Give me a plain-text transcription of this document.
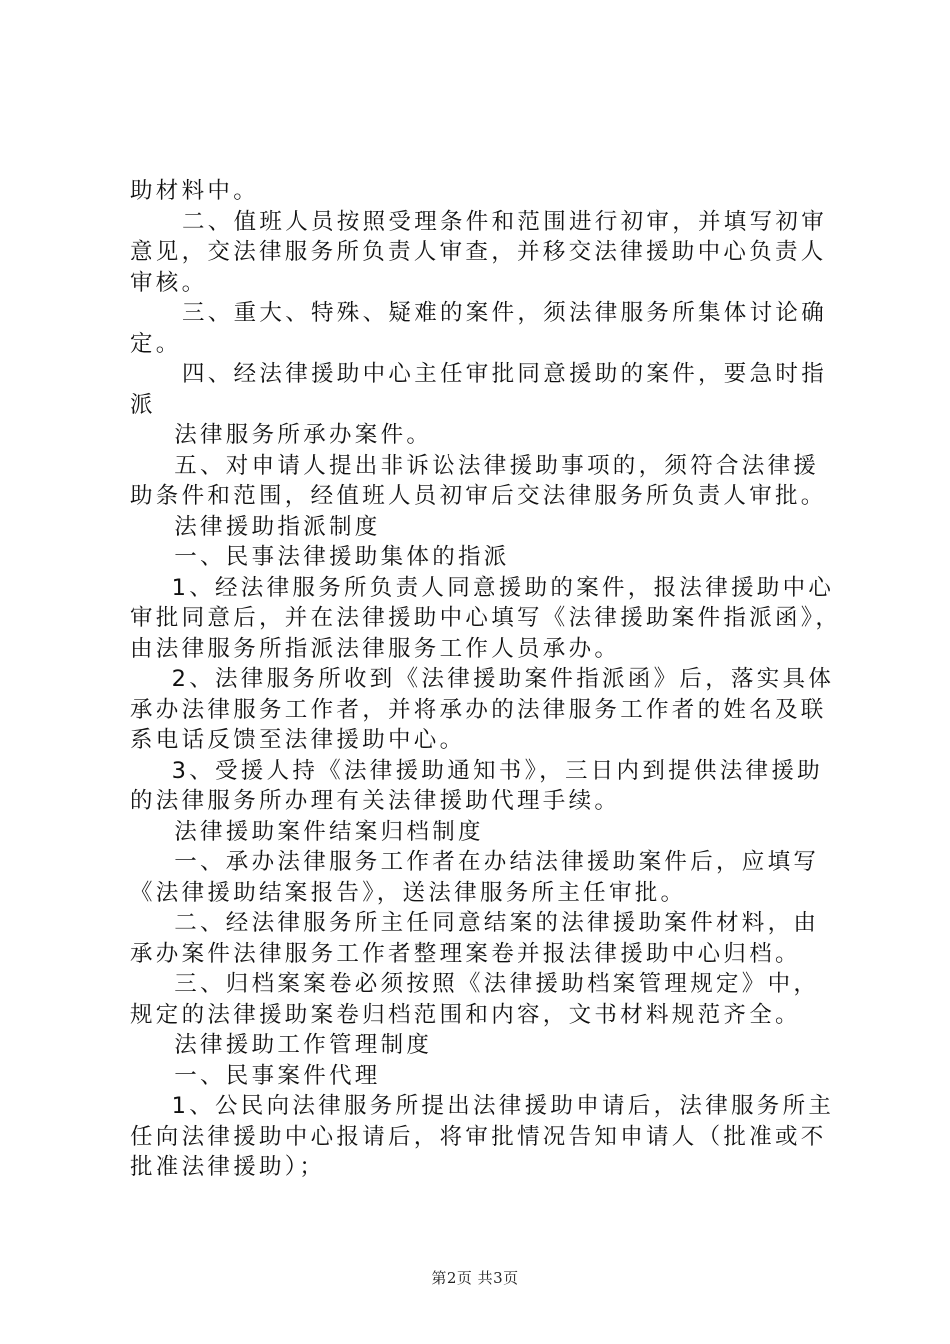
助材料中。
二、值班人员按照受理条件和范围进行初审，并填写初审
意见，交法律服务所负责人审查，并移交法律援助中心负责人
审核。
三、重大、特殊、疑难的案件，须法律服务所集体讨论确
定。
四、经法律援助中心主任审批同意援助的案件，要急时指
派
法律服务所承办案件。
五、对申请人提出非诉讼法律援助事项的，须符合法律援
助条件和范围，经值班人员初审后交法律服务所负责人审批。
法律援助指派制度
一、民事法律援助集体的指派
1、经法律服务所负责人同意援助的案件，报法律援助中心
审批同意后，并在法律援助中心填写《法律援助案件指派函》，
由法律服务所指派法律服务工作人员承办。
2、法律服务所收到《法律援助案件指派函》后，落实具体
承办法律服务工作者，并将承办的法律服务工作者的姓名及联
系电话反馈至法律援助中心。
3、受援人持《法律援助通知书》，三日内到提供法律援助
的法律服务所办理有关法律援助代理手续。
法律援助案件结案归档制度
一、承办法律服务工作者在办结法律援助案件后，应填写
《法律援助结案报告》，送法律服务所主任审批。
二、经法律服务所主任同意结案的法律援助案件材料，由
承办案件法律服务工作者整理案卷并报法律援助中心归档。
三、归档案案卷必须按照《法律援助档案管理规定》中，
规定的法律援助案卷归档范围和内容，文书材料规范齐全。
法律援助工作管理制度
一、民事案件代理
1、公民向法律服务所提出法律援助申请后，法律服务所主
任向法律援助中心报请后，将审批情况告知申请人（批准或不
批准法律援助）；
第2页 共3页
